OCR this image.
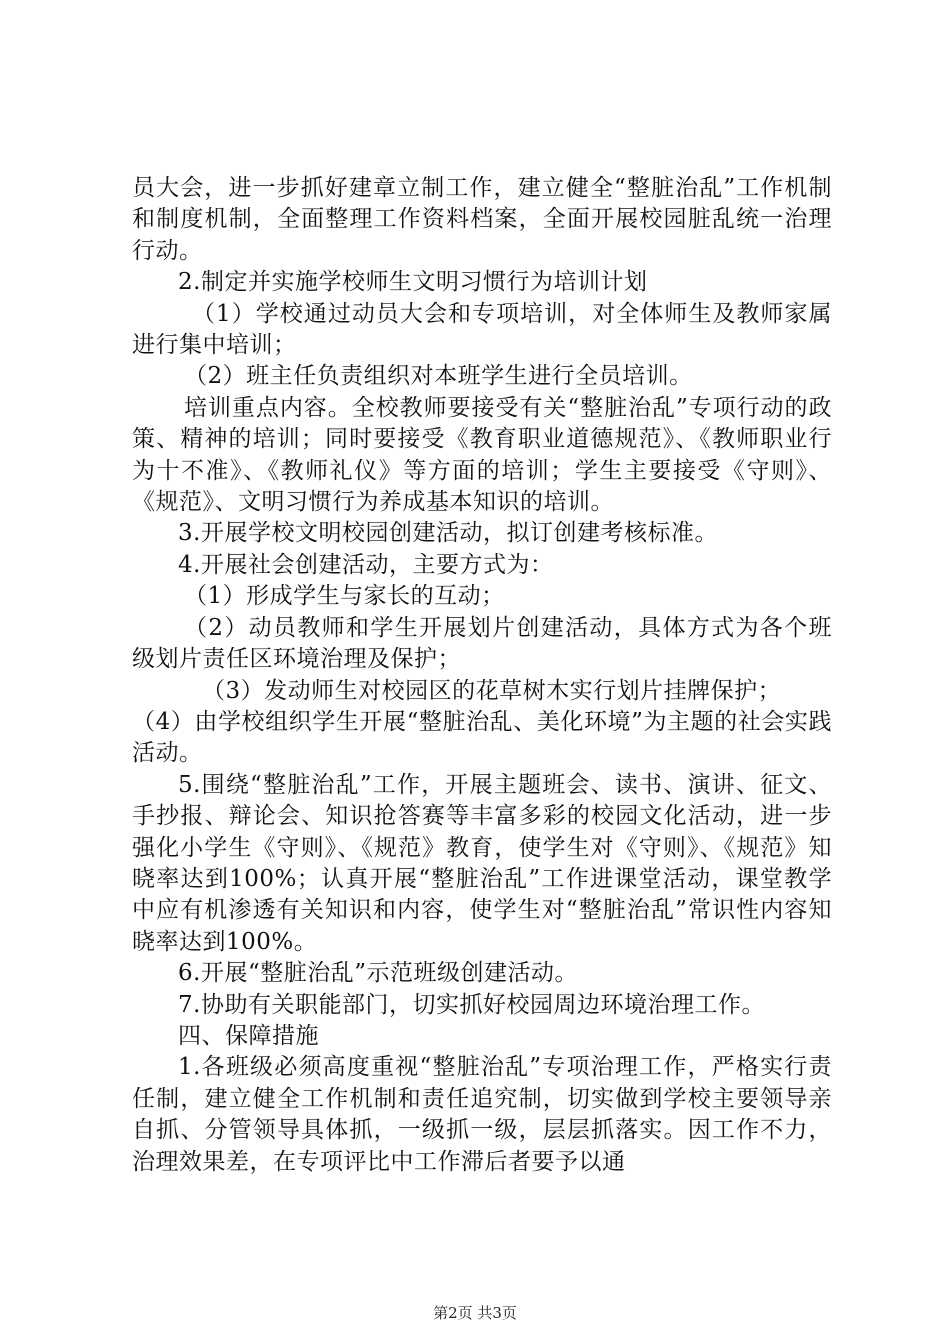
员大会，进一步抓好建章立制工作，建立健全“整脏治乱”工作机制和制度机制，全面整理工作资料档案，全面开展校园脏乱统一治理行动。

2.制定并实施学校师生文明习惯行为培训计划

（1）学校通过动员大会和专项培训，对全体师生及教师家属进行集中培训；

（2）班主任负责组织对本班学生进行全员培训。

培训重点内容。全校教师要接受有关“整脏治乱”专项行动的政策、精神的培训；同时要接受《教育职业道德规范》、《教师职业行为十不准》、《教师礼仪》等方面的培训；学生主要接受《守则》、《规范》、文明习惯行为养成基本知识的培训。

3.开展学校文明校园创建活动，拟订创建考核标准。

4.开展社会创建活动，主要方式为：

（1）形成学生与家长的互动；

（2）动员教师和学生开展划片创建活动，具体方式为各个班级划片责任区环境治理及保护；

（3）发动师生对校园区的花草树木实行划片挂牌保护；

（4）由学校组织学生开展“整脏治乱、美化环境”为主题的社会实践活动。

5.围绕“整脏治乱”工作，开展主题班会、读书、演讲、征文、手抄报、辩论会、知识抢答赛等丰富多彩的校园文化活动，进一步强化小学生《守则》、《规范》教育，使学生对《守则》、《规范》知晓率达到100%；认真开展“整脏治乱”工作进课堂活动，课堂教学中应有机渗透有关知识和内容，使学生对“整脏治乱”常识性内容知晓率达到100%。

6.开展“整脏治乱”示范班级创建活动。

7.协助有关职能部门，切实抓好校园周边环境治理工作。

四、保障措施

1.各班级必须高度重视“整脏治乱”专项治理工作，严格实行责任制，建立健全工作机制和责任追究制，切实做到学校主要领导亲自抓、分管领导具体抓，一级抓一级，层层抓落实。因工作不力，治理效果差，在专项评比中工作滞后者要予以通

第2页 共3页
